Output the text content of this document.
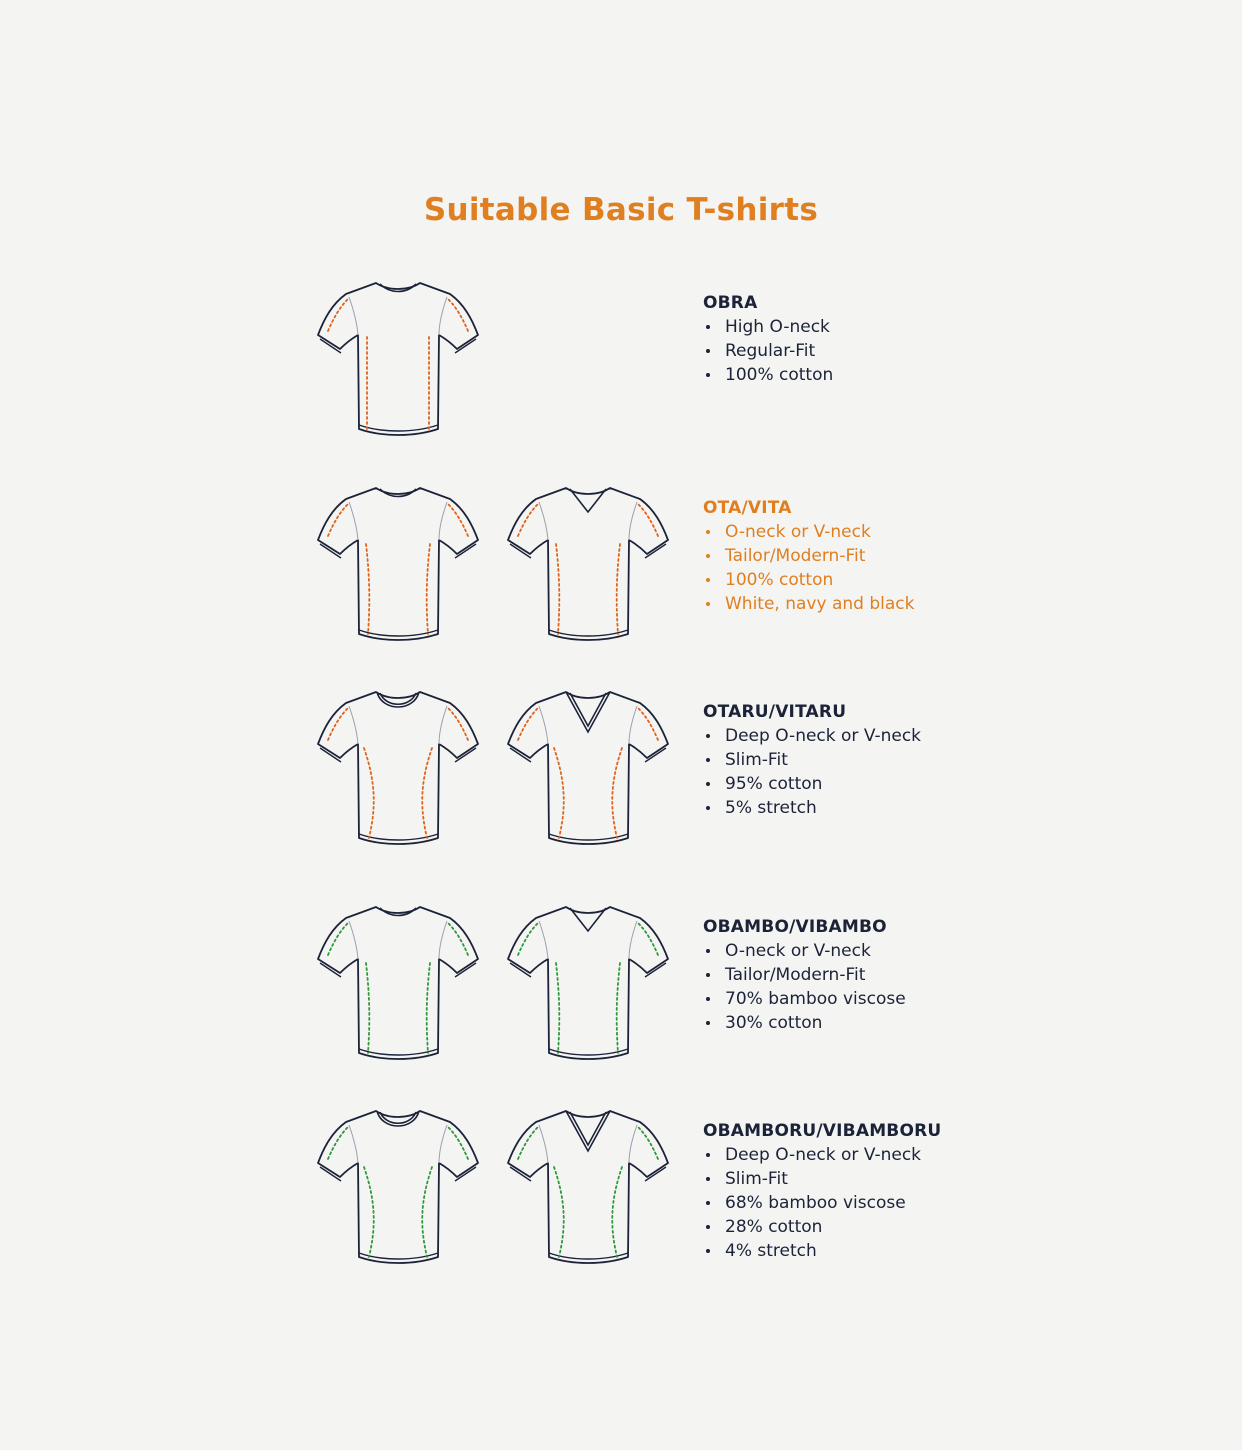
Suitable Basic T-shirts
OBRA
High O-neck
Regular-Fit
100% cotton
OTA/VITA
O-neck or V-neck
Tailor/Modern-Fit
100% cotton
White, navy and black
OTARU/VITARU
Deep O-neck or V-neck
Slim-Fit
95% cotton
5% stretch
OBAMBO/VIBAMBO
O-neck or V-neck
Tailor/Modern-Fit
70% bamboo viscose
30% cotton
OBAMBORU/VIBAMBORU
Deep O-neck or V-neck
Slim-Fit
68% bamboo viscose
28% cotton
4% stretch
